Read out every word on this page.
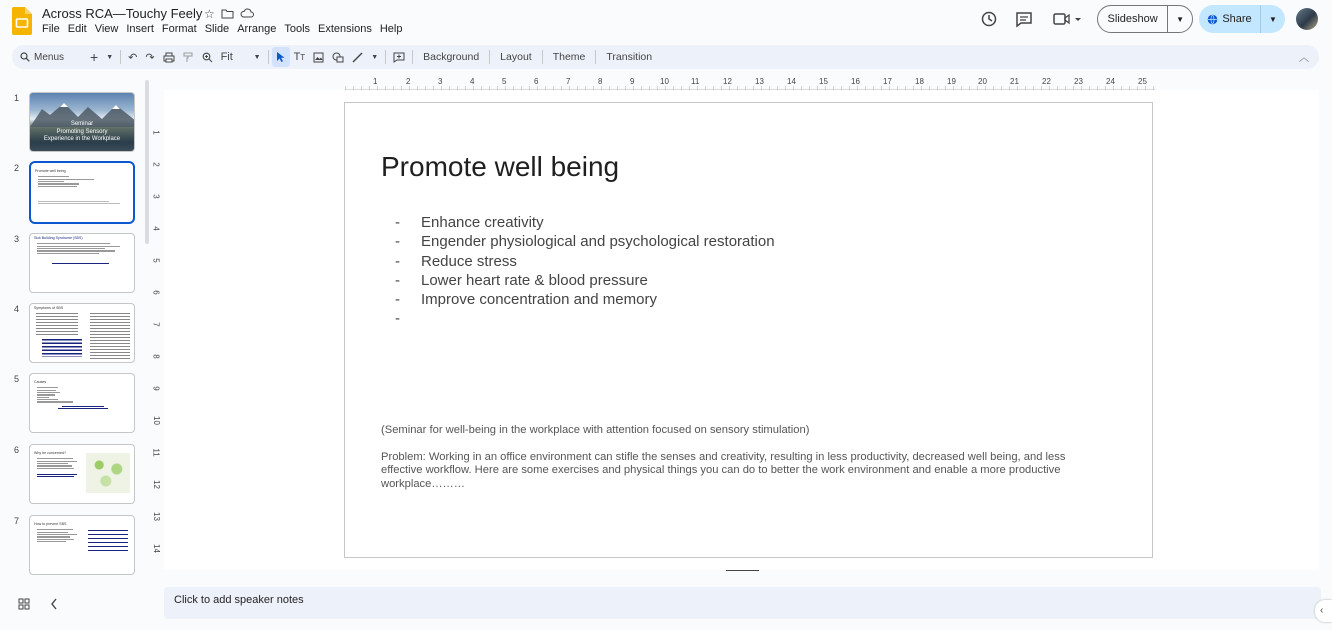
Across RCA—Touchy Feely ☆
File Edit View Insert Format Slide Arrange Tools Extensions Help
Slideshow	▼	Share	▼
Menus +	▼	↶ ↷	Fit	▼	T T	▼	Background	Layout	Theme	Transition	︿
1
Seminar
Promoting Sensory
Experience in the Workplace
2	Promote well being
3	Sick Building Syndrome (SBS)
4	Symptoms of SBS
5	Causes
6	Why be concerned?
7	How to prevent SBS
1	2	3	4	5	6	7	8	9	10	11	12	13	14	15	16	17	18	19	20	21	22	23	24	25
1
2
3
4
5
6
7
8
9
10
11
12
13
14
Promote well being
-	Enhance creativity
-	Engender physiological and psychological restoration
-	Reduce stress
-	Lower heart rate & blood pressure
-	Improve concentration and memory
-
(Seminar for well-being in the workplace with attention focused on sensory stimulation)
Problem: Working in an office environment can stifle the senses and creativity, resulting in less productivity, decreased well being, and less effective workflow. Here are some exercises and physical things you can do to better the work environment and enable a more productive workplace………
Click to add speaker notes
‹
